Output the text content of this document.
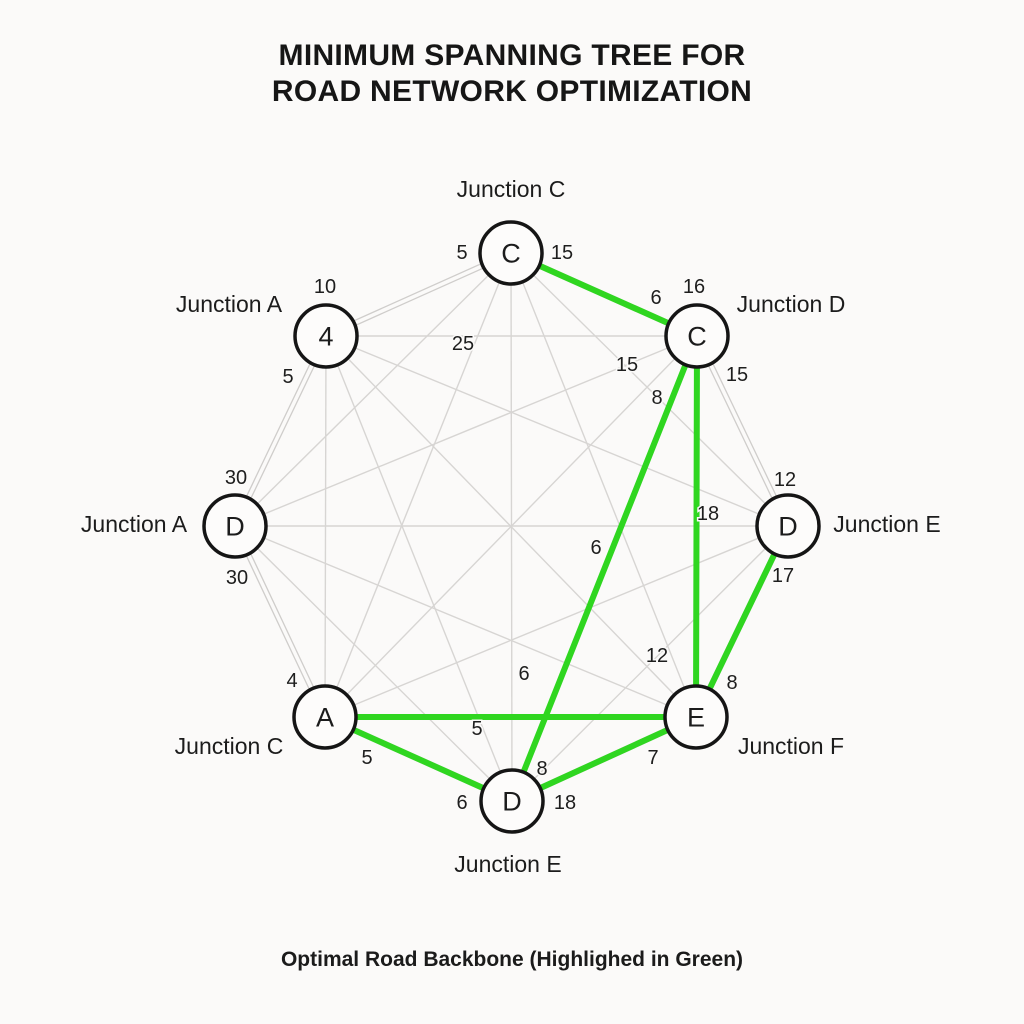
MINIMUM SPANNING TREE FOR
ROAD NETWORK OPTIMIZATION
C
C
D
E
D
A
D
4
5	15
10	16
6
25
15
5	15
8
30	12
18
30	17
6
12
6
4	8
5
5	8	7
6	18
Junction C
Junction D
Junction E
Junction F
Junction E
Junction C
Junction A
Junction A
Optimal Road Backbone (Highlighed in Green)
